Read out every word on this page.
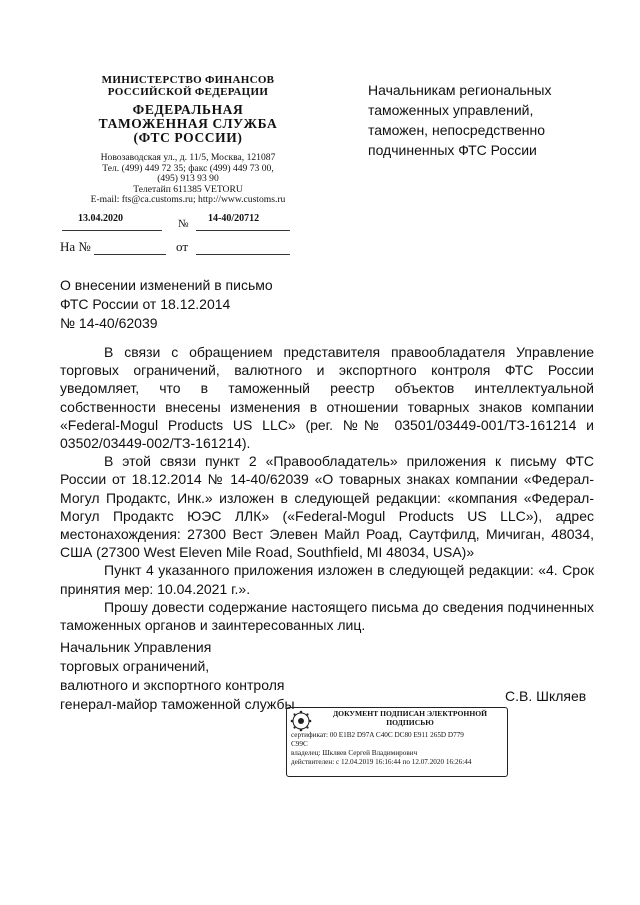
МИНИСТЕРСТВО ФИНАНСОВ
РОССИЙСКОЙ ФЕДЕРАЦИИ
ФЕДЕРАЛЬНАЯ
ТАМОЖЕННАЯ СЛУЖБА
(ФТС РОССИИ)
Новозаводская ул., д. 11/5, Москва, 121087
Тел. (499) 449 72 35; факс (499) 449 73 00,
(495) 913 93 90
Телетайп 611385 VETORU
E-mail: fts@ca.customs.ru; http://www.customs.ru
13.04.2020	№ 14-40/20712
На №	от
Начальникам региональных
таможенных управлений,
таможен, непосредственно
подчиненных ФТС России
О внесении изменений в письмо
ФТС России от 18.12.2014
№ 14-40/62039

В связи с обращением представителя правообладателя Управление торговых ограничений, валютного и экспортного контроля ФТС России уведомляет, что в таможенный реестр объектов интеллектуальной собственности внесены изменения в отношении товарных знаков компании «Federal-Mogul Products US LLC» (рег. №№ 03501/03449-001/ТЗ-161214 и 03502/03449-002/ТЗ-161214).

В этой связи пункт 2 «Правообладатель» приложения к письму ФТС России от 18.12.2014 № 14-40/62039 «О товарных знаках компании «Федерал-Могул Продактс, Инк.» изложен в следующей редакции: «компания «Федерал-Могул Продактс ЮЭС ЛЛК» («Federal-Mogul Products US LLC»), адрес местонахождения: 27300 Вест Элевен Майл Роад, Саутфилд, Мичиган, 48034, США (27300 West Eleven Mile Road, Southfield, MI 48034, USA)»

Пункт 4 указанного приложения изложен в следующей редакции: «4. Срок принятия мер: 10.04.2021 г.».

Прошу довести содержание настоящего письма до сведения подчиненных таможенных органов и заинтересованных лиц.

Начальник Управления
торговых ограничений,
валютного и экспортного контроля
генерал-майор таможенной службы	С.В. Шкляев
ДОКУМЕНТ ПОДПИСАН ЭЛЕКТРОННОЙ
ПОДПИСЬЮ
сертификат: 00 E1B2 D97A C40C DC80 E911 265D D779
C99C
владелец: Шкляев Сергей Владимирович
действителен: с 12.04.2019 16:16:44 по 12.07.2020 16:26:44
